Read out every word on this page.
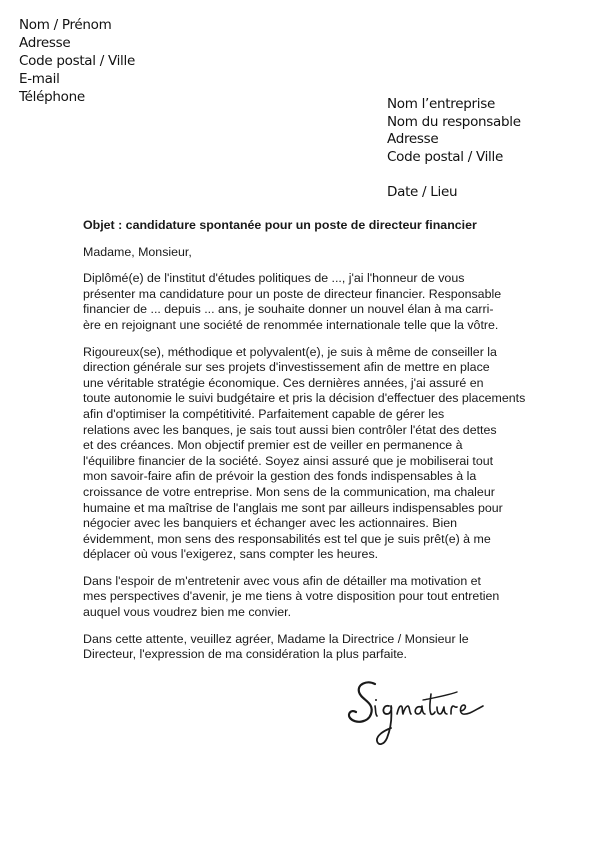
Nom / Prénom
Adresse
Code postal / Ville
E-mail
Téléphone	Nom l’entreprise
Nom du responsable
Adresse
Code postal / Ville
Date / Lieu
Objet : candidature spontanée pour un poste de directeur financier
Madame, Monsieur,
Diplômé(e) de l'institut d'études politiques de ..., j'ai l'honneur de vous
présenter ma candidature pour un poste de directeur financier. Responsable
financier de ... depuis ... ans, je souhaite donner un nouvel élan à ma carri-
ère en rejoignant une société de renommée internationale telle que la vôtre.
Rigoureux(se), méthodique et polyvalent(e), je suis à même de conseiller la
direction générale sur ses projets d'investissement afin de mettre en place
une véritable stratégie économique. Ces dernières années, j'ai assuré en
toute autonomie le suivi budgétaire et pris la décision d'effectuer des placements
afin d'optimiser la compétitivité. Parfaitement capable de gérer les
relations avec les banques, je sais tout aussi bien contrôler l'état des dettes
et des créances. Mon objectif premier est de veiller en permanence à
l'équilibre financier de la société. Soyez ainsi assuré que je mobiliserai tout
mon savoir-faire afin de prévoir la gestion des fonds indispensables à la
croissance de votre entreprise. Mon sens de la communication, ma chaleur
humaine et ma maîtrise de l'anglais me sont par ailleurs indispensables pour
négocier avec les banquiers et échanger avec les actionnaires. Bien
évidemment, mon sens des responsabilités est tel que je suis prêt(e) à me
déplacer où vous l'exigerez, sans compter les heures.
Dans l'espoir de m'entretenir avec vous afin de détailler ma motivation et
mes perspectives d'avenir, je me tiens à votre disposition pour tout entretien
auquel vous voudrez bien me convier.
Dans cette attente, veuillez agréer, Madame la Directrice / Monsieur le
Directeur, l'expression de ma considération la plus parfaite.
